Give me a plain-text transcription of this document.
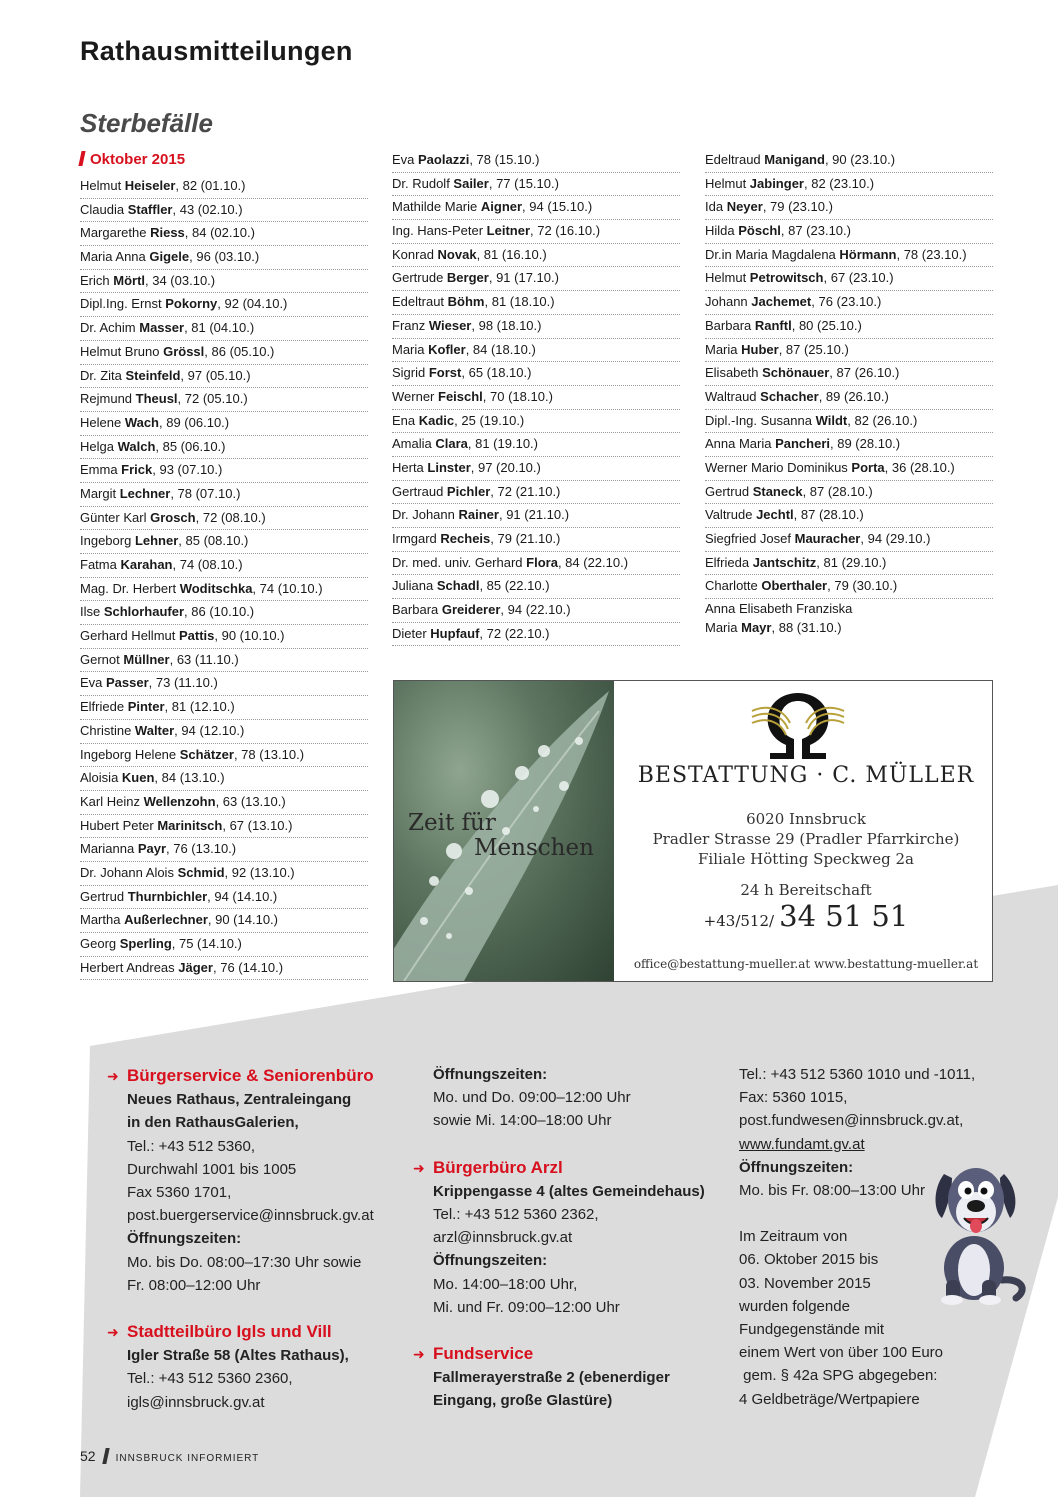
Rathausmitteilungen
Sterbefälle
Oktober 2015
Helmut Heiseler, 82 (01.10.)
Claudia Staffler, 43 (02.10.)
Margarethe Riess, 84 (02.10.)
Maria Anna Gigele, 96 (03.10.)
Erich Mörtl, 34 (03.10.)
Dipl.Ing. Ernst Pokorny, 92 (04.10.)
Dr. Achim Masser, 81 (04.10.)
Helmut Bruno Grössl, 86 (05.10.)
Dr. Zita Steinfeld, 97 (05.10.)
Rejmund Theusl, 72 (05.10.)
Helene Wach, 89 (06.10.)
Helga Walch, 85 (06.10.)
Emma Frick, 93 (07.10.)
Margit Lechner, 78 (07.10.)
Günter Karl Grosch, 72 (08.10.)
Ingeborg Lehner, 85 (08.10.)
Fatma Karahan, 74 (08.10.)
Mag. Dr. Herbert Woditschka, 74 (10.10.)
Ilse Schlorhaufer, 86 (10.10.)
Gerhard Hellmut Pattis, 90 (10.10.)
Gernot Müllner, 63 (11.10.)
Eva Passer, 73 (11.10.)
Elfriede Pinter, 81 (12.10.)
Christine Walter, 94 (12.10.)
Ingeborg Helene Schätzer, 78 (13.10.)
Aloisia Kuen, 84 (13.10.)
Karl Heinz Wellenzohn, 63 (13.10.)
Hubert Peter Marinitsch, 67 (13.10.)
Marianna Payr, 76 (13.10.)
Dr. Johann Alois Schmid, 92 (13.10.)
Gertrud Thurnbichler, 94 (14.10.)
Martha Außerlechner, 90 (14.10.)
Georg Sperling, 75 (14.10.)
Herbert Andreas Jäger, 76 (14.10.)
Eva Paolazzi, 78 (15.10.)
Dr. Rudolf Sailer, 77 (15.10.)
Mathilde Marie Aigner, 94 (15.10.)
Ing. Hans-Peter Leitner, 72 (16.10.)
Konrad Novak, 81 (16.10.)
Gertrude Berger, 91 (17.10.)
Edeltraut Böhm, 81 (18.10.)
Franz Wieser, 98 (18.10.)
Maria Kofler, 84 (18.10.)
Sigrid Forst, 65 (18.10.)
Werner Feischl, 70 (18.10.)
Ena Kadic, 25 (19.10.)
Amalia Clara, 81 (19.10.)
Herta Linster, 97 (20.10.)
Gertraud Pichler, 72 (21.10.)
Dr. Johann Rainer, 91 (21.10.)
Irmgard Recheis, 79 (21.10.)
Dr. med. univ. Gerhard Flora, 84 (22.10.)
Juliana Schadl, 85 (22.10.)
Barbara Greiderer, 94 (22.10.)
Dieter Hupfauf, 72 (22.10.)
Edeltraud Manigand, 90 (23.10.)
Helmut Jabinger, 82 (23.10.)
Ida Neyer, 79 (23.10.)
Hilda Pöschl, 87 (23.10.)
Dr.in Maria Magdalena Hörmann, 78 (23.10.)
Helmut Petrowitsch, 67 (23.10.)
Johann Jachemet, 76 (23.10.)
Barbara Ranftl, 80 (25.10.)
Maria Huber, 87 (25.10.)
Elisabeth Schönauer, 87 (26.10.)
Waltraud Schacher, 89 (26.10.)
Dipl.-Ing. Susanna Wildt, 82 (26.10.)
Anna Maria Pancheri, 89 (28.10.)
Werner Mario Dominikus Porta, 36 (28.10.)
Gertrud Staneck, 87 (28.10.)
Valtrude Jechtl, 87 (28.10.)
Siegfried Josef Mauracher, 94 (29.10.)
Elfrieda Jantschitz, 81 (29.10.)
Charlotte Oberthaler, 79 (30.10.)
Anna Elisabeth Franziska
Maria Mayr, 88 (31.10.)
Zeit für
Menschen
BESTATTUNG · C. MÜLLER
6020 Innsbruck
Pradler Strasse 29 (Pradler Pfarrkirche)
Filiale Hötting Speckweg 2a
24 h Bereitschaft
+43/512/ 34 51 51
office@bestattung-mueller.at www.bestattung-mueller.at
➜ Bürgerservice & Seniorenbüro
Neues Rathaus, Zentraleingang
in den RathausGalerien,
Tel.: +43 512 5360,
Durchwahl 1001 bis 1005
Fax 5360 1701,
post.buergerservice@innsbruck.gv.at
Öffnungszeiten:
Mo. bis Do. 08:00–17:30 Uhr sowie
Fr. 08:00–12:00 Uhr
➜ Stadtteilbüro Igls und Vill
Igler Straße 58 (Altes Rathaus),
Tel.: +43 512 5360 2360,
igls@innsbruck.gv.at
Öffnungszeiten:
Mo. und Do. 09:00–12:00 Uhr
sowie Mi. 14:00–18:00 Uhr
➜ Bürgerbüro Arzl
Krippengasse 4 (altes Gemeindehaus)
Tel.: +43 512 5360 2362,
arzl@innsbruck.gv.at
Öffnungszeiten:
Mo. 14:00–18:00 Uhr,
Mi. und Fr. 09:00–12:00 Uhr
➜ Fundservice
Fallmerayerstraße 2 (ebenerdiger
Eingang, große Glastüre)
Tel.: +43 512 5360 1010 und -1011,
Fax: 5360 1015,
post.fundwesen@innsbruck.gv.at,
www.fundamt.gv.at
Öffnungszeiten:
Mo. bis Fr. 08:00–13:00 Uhr
Im Zeitraum von
06. Oktober 2015 bis
03. November 2015
wurden folgende
Fundgegenstände mit
einem Wert von über 100 Euro
gem. § 42a SPG abgegeben:
4 Geldbeträge/Wertpapiere
52 INNSBRUCK INFORMIERT
